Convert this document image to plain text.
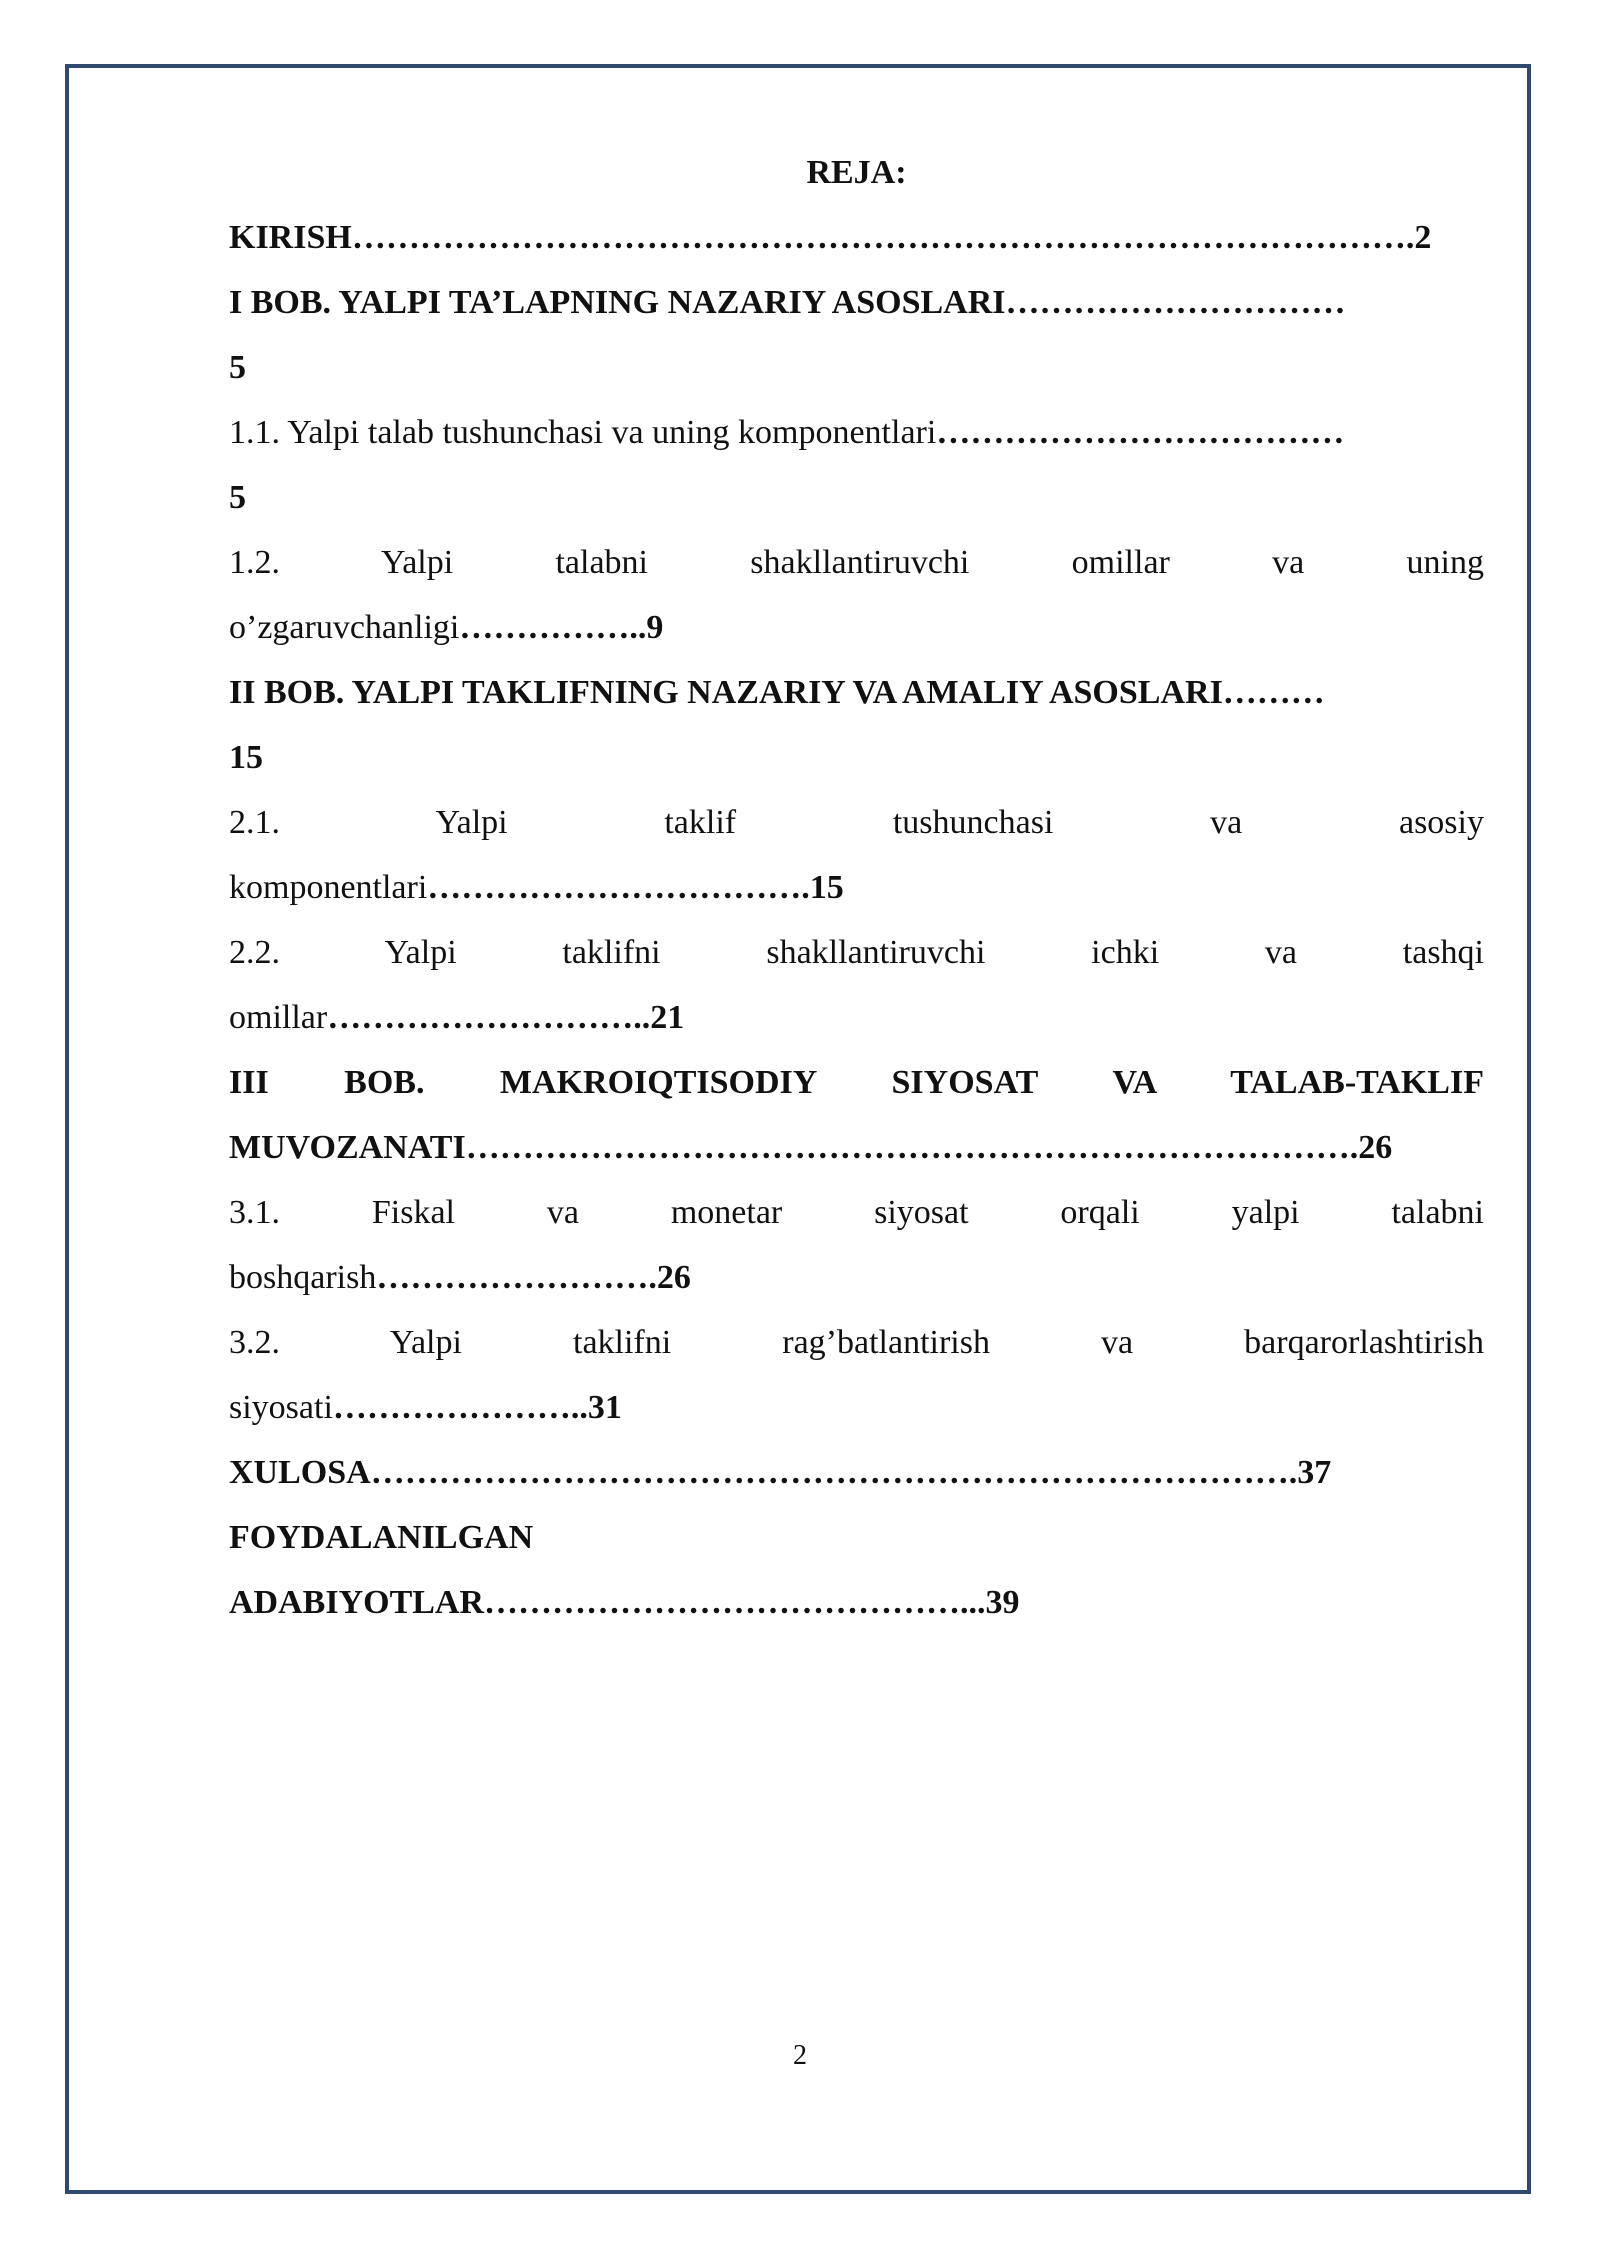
REJA:
KIRISH………………………………………………………………………………….2
I BOB. YALPI TA’LAPNING NAZARIY ASOSLARI…………………………
5
1.1. Yalpi talab tushunchasi va uning komponentlari………………………………
5
1.2. Yalpi talabni shakllantiruvchi omillar va uning
o’zgaruvchanligi……………..9
II BOB. YALPI TAKLIFNING NAZARIY VA AMALIY ASOSLARI………
15
2.1. Yalpi taklif tushunchasi va asosiy
komponentlari…………………………….15
2.2. Yalpi taklifni shakllantiruvchi ichki va tashqi
omillar………………………..21
III BOB. MAKROIQTISODIY SIYOSAT VA TALAB-TAKLIF
MUVOZANATI…………………………………………………………………….26
3.1. Fiskal va monetar siyosat orqali yalpi talabni
boshqarish…………………….26
3.2. Yalpi taklifni rag’batlantirish va barqarorlashtirish
siyosati…………………..31
XULOSA……………………………………………………………………….37
FOYDALANILGAN
ADABIYOTLAR……………………………………...39
2
